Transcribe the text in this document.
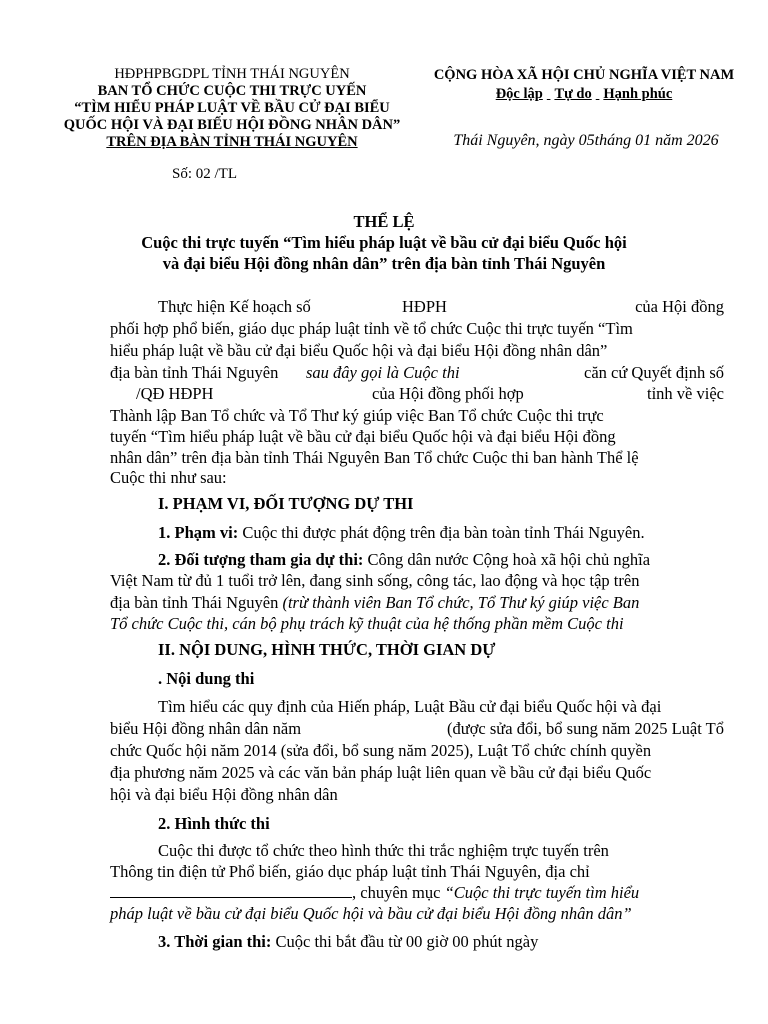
HĐPHPBGDPL TỈNH THÁI NGUYÊN
BAN TỔ CHỨC CUỘC THI TRỰC UYẾN
“TÌM HIỂU PHÁP LUẬT VỀ BẦU CỬ ĐẠI BIỂU
QUỐC HỘI VÀ ĐẠI BIỂU HỘI ĐỒNG NHÂN DÂN”
TRÊN ĐỊA BÀN TỈNH THÁI NGUYÊN
Số: 02 /TL
CỘNG HÒA XÃ HỘI CHỦ NGHĨA VIỆT NAM
Độc lập Tự do Hạnh phúc
Thái Nguyên, ngày 05tháng 01 năm 2026
THỂ LỆ
Cuộc thi trực tuyến “Tìm hiểu pháp luật về bầu cử đại biểu Quốc hội
và đại biểu Hội đồng nhân dân” trên địa bàn tỉnh Thái Nguyên
Thực hiện Kế hoạch số	HĐPH	của Hội đồng
phối hợp phổ biến, giáo dục pháp luật tỉnh về tổ chức Cuộc thi trực tuyến “Tìm
hiểu pháp luật về bầu cử đại biểu Quốc hội và đại biểu Hội đồng nhân dân”
địa bàn tỉnh Thái Nguyên sau đây gọi là Cuộc thi	căn cứ Quyết định số
/QĐ HĐPH	của Hội đồng phối hợp	tỉnh về việc
Thành lập Ban Tổ chức và Tổ Thư ký giúp việc Ban Tổ chức Cuộc thi trực
tuyến “Tìm hiểu pháp luật về bầu cử đại biểu Quốc hội và đại biểu Hội đồng
nhân dân” trên địa bàn tỉnh Thái Nguyên Ban Tổ chức Cuộc thi ban hành Thể lệ
Cuộc thi như sau:
I. PHẠM VI, ĐỐI TƯỢNG DỰ THI
1. Phạm vi: Cuộc thi được phát động trên địa bàn toàn tỉnh Thái Nguyên.
2. Đối tượng tham gia dự thi: Công dân nước Cộng hoà xã hội chủ nghĩa
Việt Nam từ đủ 1 tuổi trở lên, đang sinh sống, công tác, lao động và học tập trên
địa bàn tỉnh Thái Nguyên (trừ thành viên Ban Tổ chức, Tổ Thư ký giúp việc Ban
Tổ chức Cuộc thi, cán bộ phụ trách kỹ thuật của hệ thống phần mềm Cuộc thi
II. NỘI DUNG, HÌNH THỨC, THỜI GIAN DỰ
. Nội dung thi
Tìm hiểu các quy định của Hiến pháp, Luật Bầu cử đại biểu Quốc hội và đại
biểu Hội đồng nhân dân năm	(được sửa đổi, bổ sung năm 2025 Luật Tổ
chức Quốc hội năm 2014 (sửa đổi, bổ sung năm 2025), Luật Tổ chức chính quyền
địa phương năm 2025 và các văn bản pháp luật liên quan về bầu cử đại biểu Quốc
hội và đại biểu Hội đồng nhân dân
2. Hình thức thi
Cuộc thi được tổ chức theo hình thức thi trắc nghiệm trực tuyến trên
Thông tin điện tử Phổ biến, giáo dục pháp luật tỉnh Thái Nguyên, địa chỉ
, chuyên mục “Cuộc thi trực tuyến tìm hiểu
pháp luật về bầu cử đại biểu Quốc hội và bầu cử đại biểu Hội đồng nhân dân”
3. Thời gian thi: Cuộc thi bắt đầu từ 00 giờ 00 phút ngày
